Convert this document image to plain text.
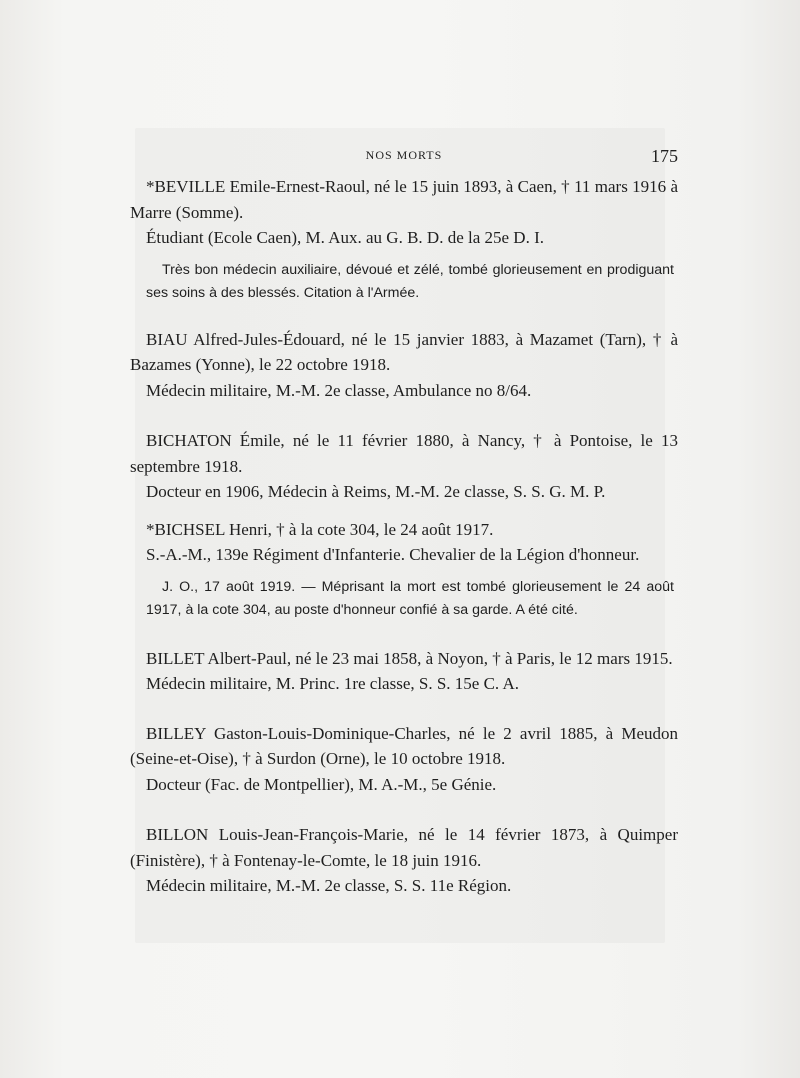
NOS MORTS	175

*BEVILLE Emile-Ernest-Raoul, né le 15 juin 1893, à Caen, † 11 mars 1916 à Marre (Somme).

Étudiant (Ecole Caen), M. Aux. au G. B. D. de la 25e D. I.

Très bon médecin auxiliaire, dévoué et zélé, tombé glorieusement en prodiguant ses soins à des blessés. Citation à l'Armée.

BIAU Alfred-Jules-Édouard, né le 15 janvier 1883, à Mazamet (Tarn), † à Bazames (Yonne), le 22 octobre 1918.

Médecin militaire, M.-M. 2e classe, Ambulance no 8/64.

BICHATON Émile, né le 11 février 1880, à Nancy, † à Pontoise, le 13 septembre 1918.

Docteur en 1906, Médecin à Reims, M.-M. 2e classe, S. S. G. M. P.

*BICHSEL Henri, † à la cote 304, le 24 août 1917.

S.-A.-M., 139e Régiment d'Infanterie. Chevalier de la Légion d'honneur.

J. O., 17 août 1919. — Méprisant la mort est tombé glorieusement le 24 août 1917, à la cote 304, au poste d'honneur confié à sa garde. A été cité.

BILLET Albert-Paul, né le 23 mai 1858, à Noyon, † à Paris, le 12 mars 1915.

Médecin militaire, M. Princ. 1re classe, S. S. 15e C. A.

BILLEY Gaston-Louis-Dominique-Charles, né le 2 avril 1885, à Meudon (Seine-et-Oise), † à Surdon (Orne), le 10 octobre 1918.

Docteur (Fac. de Montpellier), M. A.-M., 5e Génie.

BILLON Louis-Jean-François-Marie, né le 14 février 1873, à Quimper (Finistère), † à Fontenay-le-Comte, le 18 juin 1916.

Médecin militaire, M.-M. 2e classe, S. S. 11e Région.
